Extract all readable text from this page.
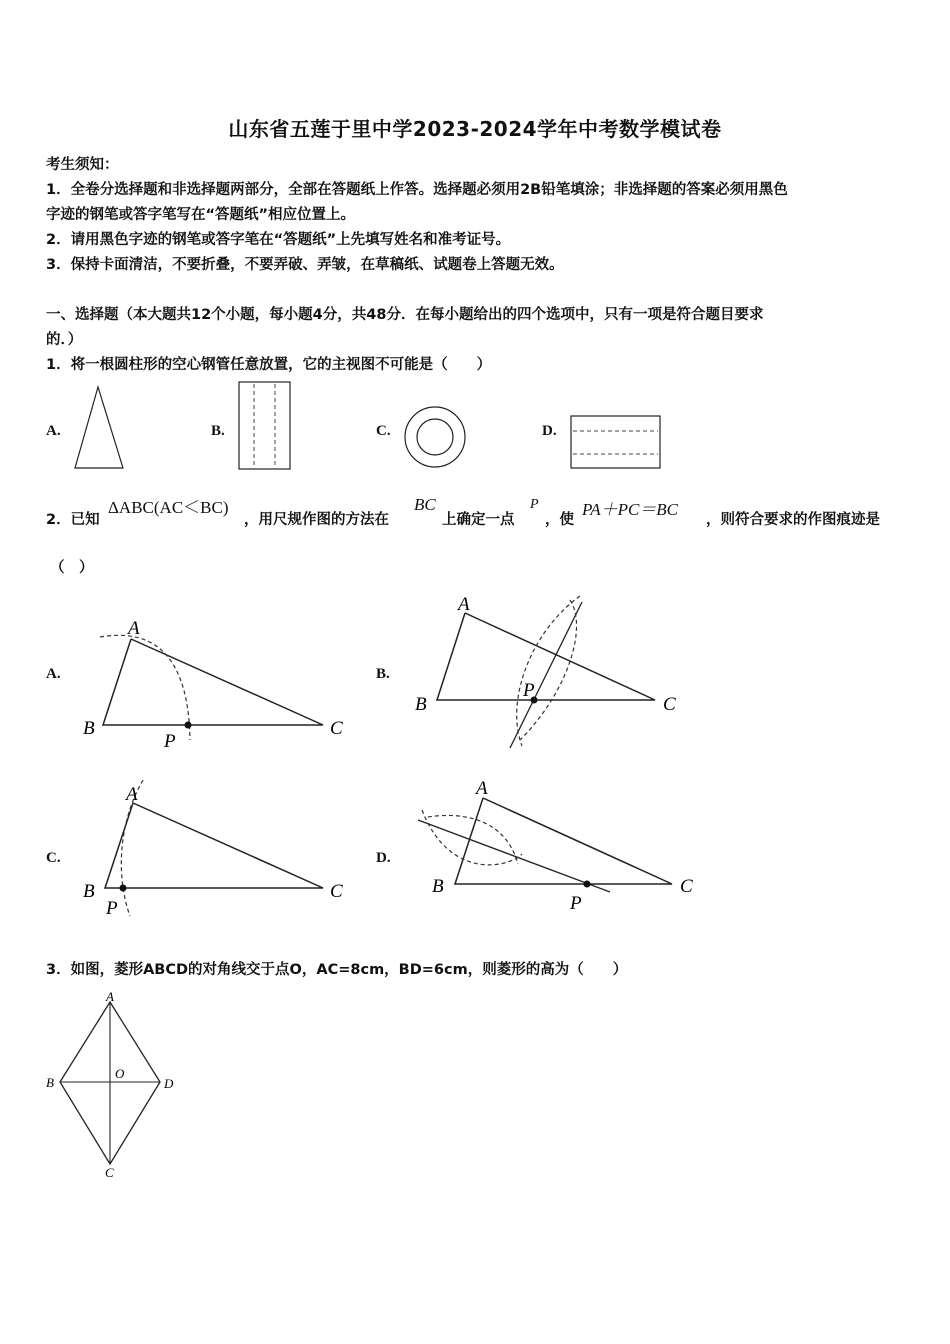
山东省五莲于里中学2023-2024学年中考数学模试卷
考生须知：
1．全卷分选择题和非选择题两部分，全部在答题纸上作答。选择题必须用2B铅笔填涂；非选择题的答案必须用黑色
字迹的钢笔或答字笔写在“答题纸”相应位置上。
2．请用黑色字迹的钢笔或答字笔在“答题纸”上先填写姓名和准考证号。
3．保持卡面清洁，不要折叠，不要弄破、弄皱，在草稿纸、试题卷上答题无效。
一、选择题（本大题共12个小题，每小题4分，共48分．在每小题给出的四个选项中，只有一项是符合题目要求
的．）
1．将一根圆柱形的空心钢管任意放置，它的主视图不可能是（　　）
A.	B.	C.	D.
2．已知
ΔABC(AC＜BC)
，用尺规作图的方法在
BC
上确定一点
P
，使
PA＋PC＝BC
，则符合要求的作图痕迹是
（　）
A.
A
B	C
P
B.
A
B	C
P
C.
A
B	C
P
D.
A
B	C
P
3．如图，菱形ABCD的对角线交于点O，AC=8cm，BD=6cm，则菱形的高为（　　）
A
B	D
C
O
